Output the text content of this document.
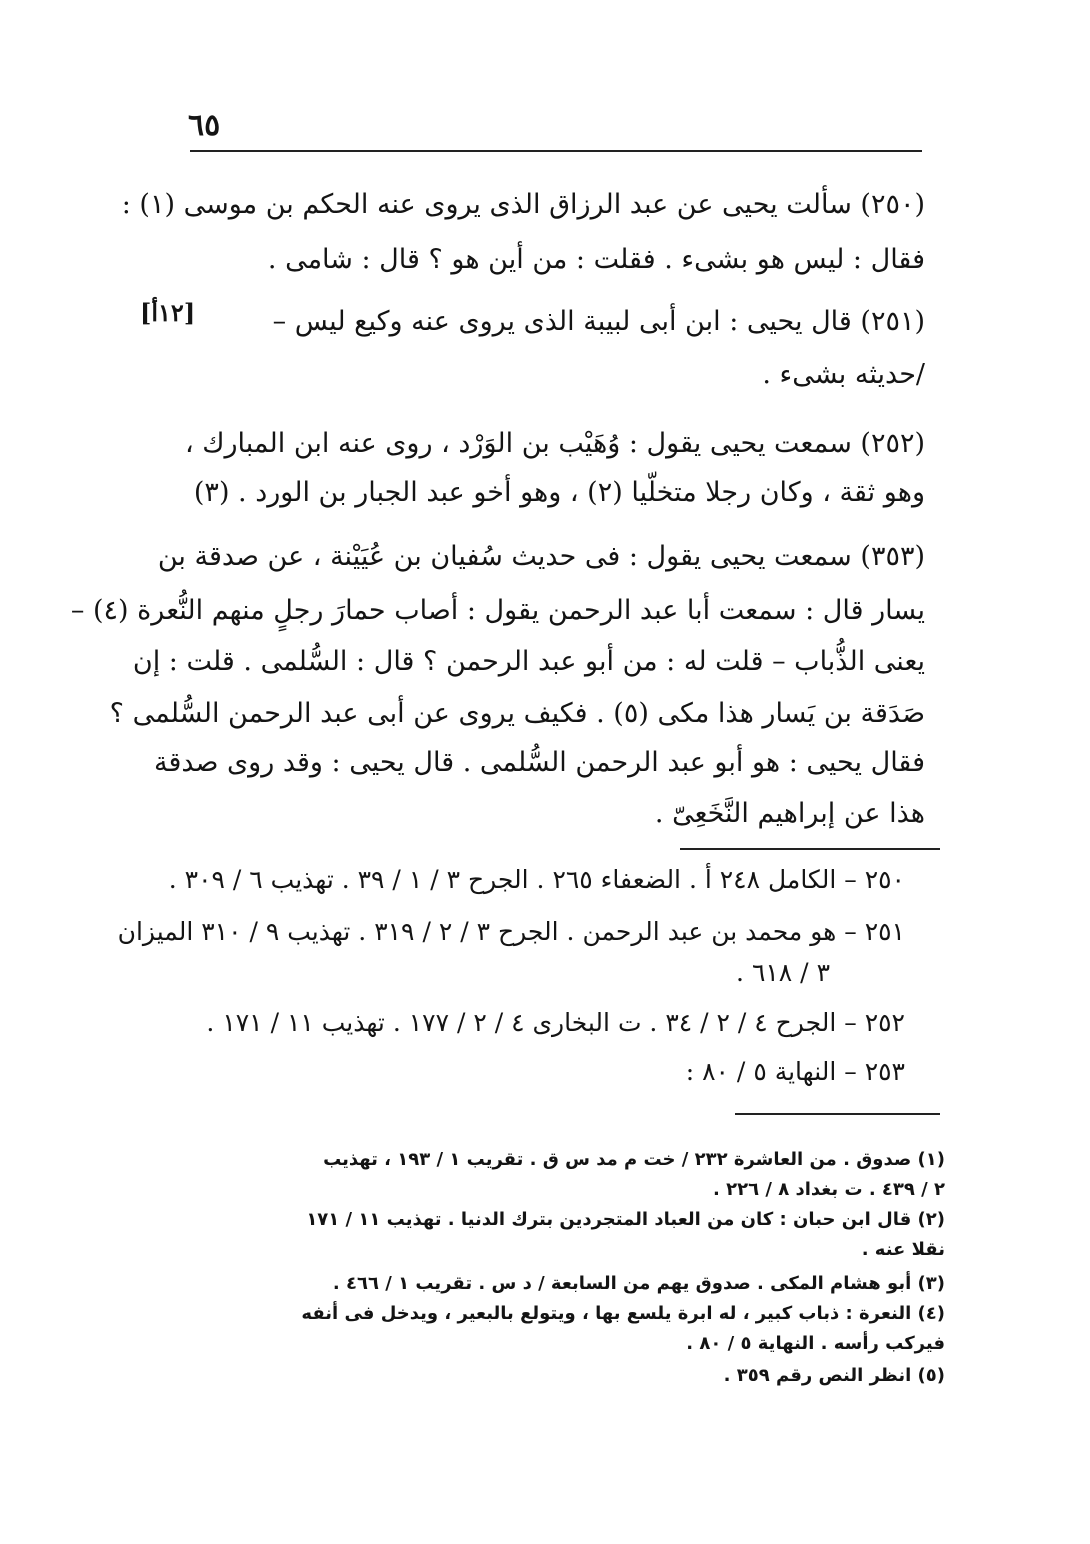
٦٥
[١٢أ]
(٢٥٠) سألت يحيى عن عبد الرزاق الذى يروى عنه الحكم بن موسى (١) :
فقال : ليس هو بشىء . فقلت : من أين هو ؟ قال : شامى .
(٢٥١) قال يحيى : ابن أبى لبيبة الذى يروى عنه وكيع ليس –
/حديثه بشىء .
(٢٥٢) سمعت يحيى يقول : وُهَيْب بن الوَرْد ، روى عنه ابن المبارك ،
وهو ثقة ، وكان رجلا متخلّيا (٢) ، وهو أخو عبد الجبار بن الورد . (٣)
(٣٥٣) سمعت يحيى يقول : فى حديث سُفيان بن عُيَيْنة ، عن صدقة بن
يسار قال : سمعت أبا عبد الرحمن يقول : أصاب حمارَ رجلٍ منهم النُّعرة (٤) –
يعنى الذُّباب – قلت له : من أبو عبد الرحمن ؟ قال : السُّلمى . قلت : إن
صَدَقة بن يَسار هذا مكى (٥) . فكيف يروى عن أبى عبد الرحمن السُّلمى ؟
فقال يحيى : هو أبو عبد الرحمن السُّلمى . قال يحيى : وقد روى صدقة
هذا عن إبراهيم النَّخَعِىّ .
٢٥٠ – الكامل ٢٤٨ أ . الضعفاء ٢٦٥ . الجرح ٣ / ١ / ٣٩ . تهذيب ٦ / ٣٠٩ .
٢٥١ – هو محمد بن عبد الرحمن . الجرح ٣ / ٢ / ٣١٩ . تهذيب ٩ / ٣١٠ الميزان
٣ / ٦١٨ .
٢٥٢ – الجرح ٤ / ٢ / ٣٤ . ت البخارى ٤ / ٢ / ١٧٧ . تهذيب ١١ / ١٧١ .
٢٥٣ – النهاية ٥ / ٨٠ :
(١) صدوق . من العاشرة ٢٣٢ / خت م مد س ق . تقريب ١ / ١٩٣ ، تهذيب
٢ / ٤٣٩ . ت بغداد ٨ / ٢٢٦ .
(٢) قال ابن حبان : كان من العباد المتجردين بترك الدنيا . تهذيب ١١ / ١٧١
نقلا عنه .
(٣) أبو هشام المكى . صدوق يهم من السابعة / د س . تقريب ١ / ٤٦٦ .
(٤) النعرة : ذباب كبير ، له ابرة يلسع بها ، ويتولع بالبعير ، ويدخل فى أنفه
فيركب رأسه . النهاية ٥ / ٨٠ .
(٥) انظر النص رقم ٣٥٩ .
